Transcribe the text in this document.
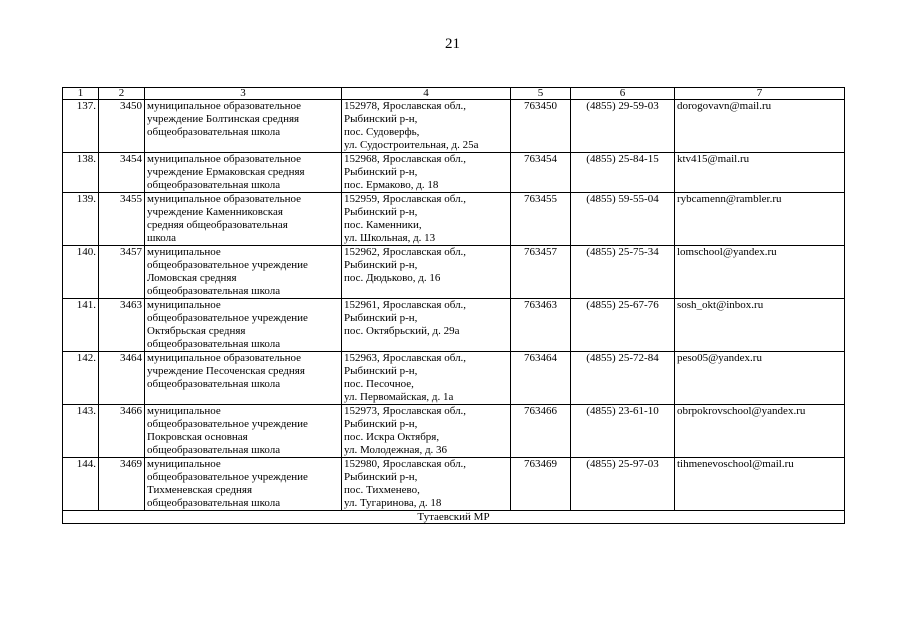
21
1	2	3	4	5	6	7
137.	3450	муниципальное образовательное
учреждение Болтинская средняя
общеобразовательная школа	152978, Ярославская обл.,
Рыбинский р-н,
пос. Судоверфь,
ул. Судостроительная, д. 25а	763450	(4855) 29-59-03	dorogovavn@mail.ru
138.	3454	муниципальное образовательное
учреждение Ермаковская средняя
общеобразовательная школа	152968, Ярославская обл.,
Рыбинский р-н,
пос. Ермаково, д. 18	763454	(4855) 25-84-15	ktv415@mail.ru
139.	3455	муниципальное образовательное
учреждение Каменниковская
средняя общеобразовательная
школа	152959, Ярославская обл.,
Рыбинский р-н,
пос. Каменники,
ул. Школьная, д. 13	763455	(4855) 59-55-04	rybcamenn@rambler.ru
140.	3457	муниципальное
общеобразовательное учреждение
Ломовская средняя
общеобразовательная школа	152962, Ярославская обл.,
Рыбинский р-н,
пос. Дюдьково, д. 16	763457	(4855) 25-75-34	lomschool@yandex.ru
141.	3463	муниципальное
общеобразовательное учреждение
Октябрьская средняя
общеобразовательная школа	152961, Ярославская обл.,
Рыбинский р-н,
пос. Октябрьский, д. 29а	763463	(4855) 25-67-76	sosh_okt@inbox.ru
142.	3464	муниципальное образовательное
учреждение Песоченская средняя
общеобразовательная школа	152963, Ярославская обл.,
Рыбинский р-н,
пос. Песочное,
ул. Первомайская, д. 1а	763464	(4855) 25-72-84	peso05@yandex.ru
143.	3466	муниципальное
общеобразовательное учреждение
Покровская основная
общеобразовательная школа	152973, Ярославская обл.,
Рыбинский р-н,
пос. Искра Октября,
ул. Молодежная, д. 36	763466	(4855) 23-61-10	obrpokrovschool@yandex.ru
144.	3469	муниципальное
общеобразовательное учреждение
Тихменевская средняя
общеобразовательная школа	152980, Ярославская обл.,
Рыбинский р-н,
пос. Тихменево,
ул. Тугаринова, д. 18	763469	(4855) 25-97-03	tihmenevoschool@mail.ru
Тутаевский МР						
